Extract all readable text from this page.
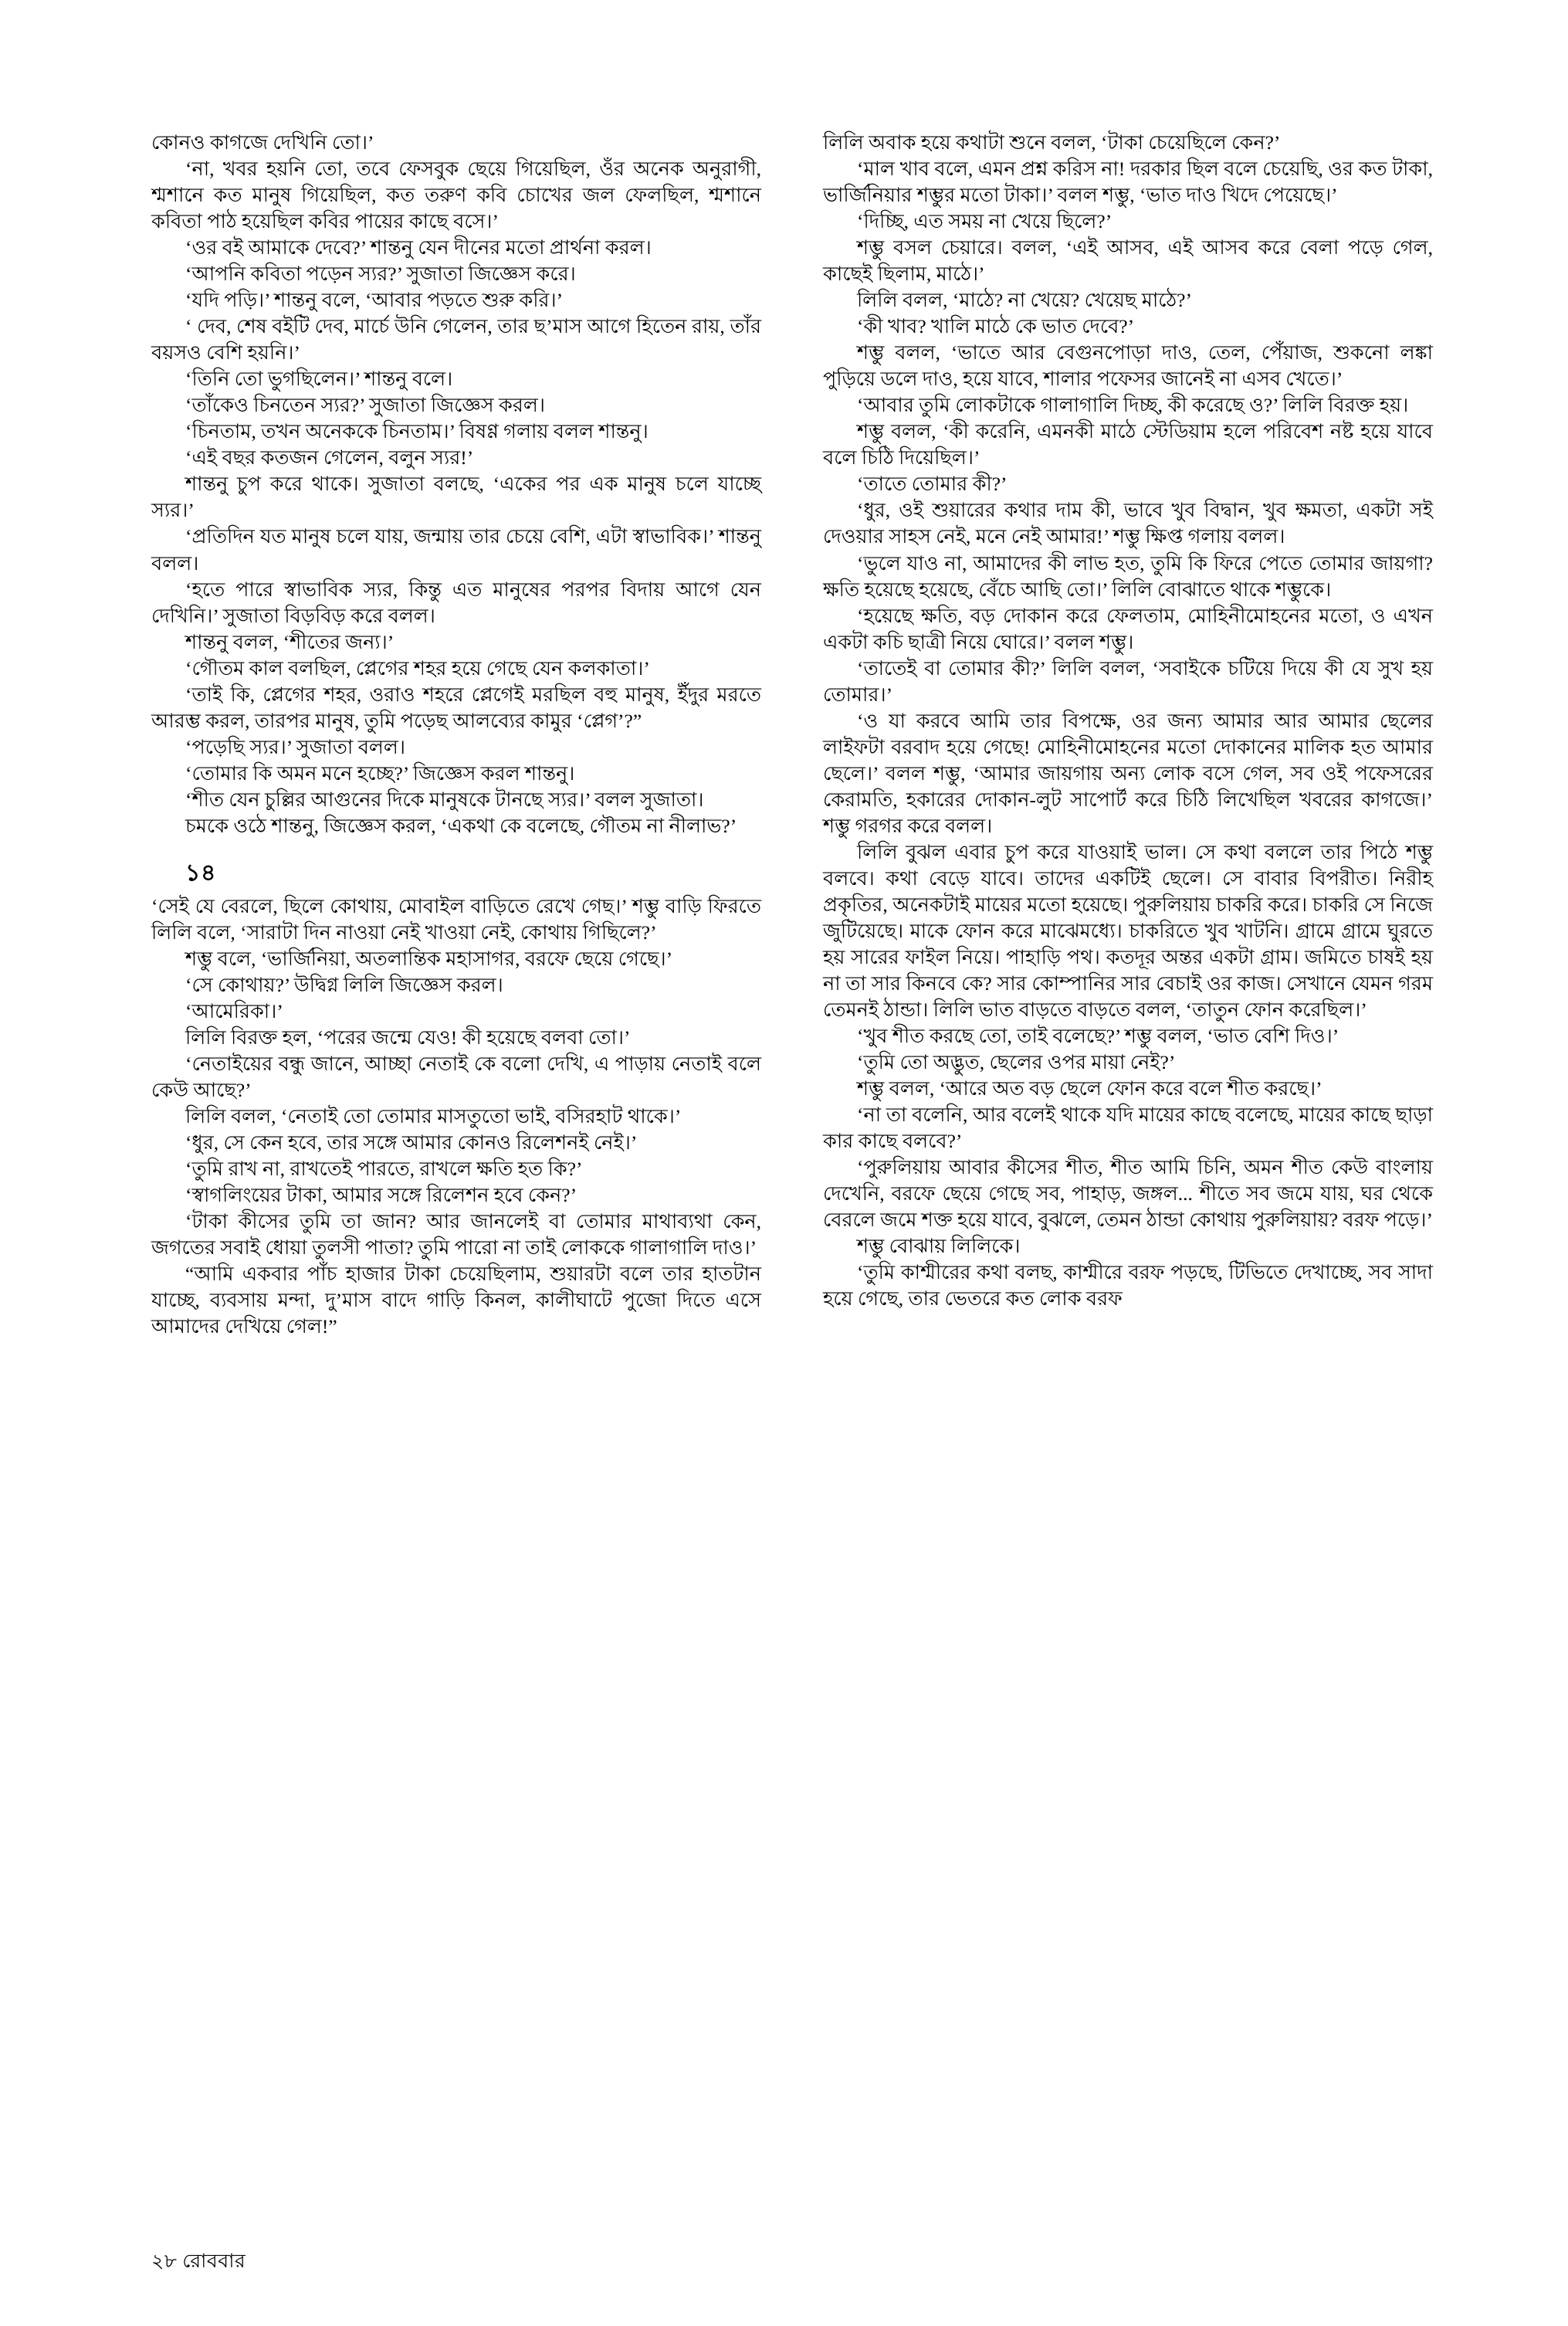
কোনও কাগজে দেখিনি তো।’

‘না, খবর হয়নি তো, তবে ফেসবুক ছেয়ে গিয়েছিল, ওঁর অনেক অনুরাগী, শ্মশানে কত মানুষ গিয়েছিল, কত তরুণ কবি চোখের জল ফেলছিল, শ্মশানে কবিতা পাঠ হয়েছিল কবির পায়ের কাছে বসে।’

‘ওর বই আমাকে দেবে?’ শান্তনু যেন দীনের মতো প্রার্থনা করল।

‘আপনি কবিতা পড়েন স্যর?’ সুজাতা জিজ্ঞেস করে।

‘যদি পড়ি।’ শান্তনু বলে, ‘আবার পড়তে শুরু করি।’

‘ দেব, শেষ বইটি দেব, মার্চে উনি গেলেন, তার ছ’মাস আগে হিতেন রায়, তাঁর বয়সও বেশি হয়নি।’

‘তিনি তো ভুগছিলেন।’ শান্তনু বলে।

‘তাঁকেও চিনতেন স্যর?’ সুজাতা জিজ্ঞেস করল।

‘চিনতাম, তখন অনেককে চিনতাম।’ বিষণ্ণ গলায় বলল শান্তনু।

‘এই বছর কতজন গেলেন, বলুন স্যর!’

শান্তনু চুপ করে থাকে। সুজাতা বলছে, ‘একের পর এক মানুষ চলে যাচ্ছে স্যর।’

‘প্রতিদিন যত মানুষ চলে যায়, জন্মায় তার চেয়ে বেশি, এটা স্বাভাবিক।’ শান্তনু বলল।

‘হতে পারে স্বাভাবিক স্যর, কিন্তু এত মানুষের পরপর বিদায় আগে যেন দেখিনি।’ সুজাতা বিড়বিড় করে বলল।

শান্তনু বলল, ‘শীতের জন্য।’

‘গৌতম কাল বলছিল, প্লেগের শহর হয়ে গেছে যেন কলকাতা।’

‘তাই কি, প্লেগের শহর, ওরাও শহরে প্লেগেই মরছিল বহু মানুষ, ইঁদুর মরতে আরম্ভ করল, তারপর মানুষ, তুমি পড়েছ আলব্যের কামুর ‘প্লেগ’?”

‘পড়েছি স্যর।’ সুজাতা বলল।

‘তোমার কি অমন মনে হচ্ছে?’ জিজ্ঞেস করল শান্তনু।

‘শীত যেন চুল্লির আগুনের দিকে মানুষকে টানছে স্যর।’ বলল সুজাতা।

চমকে ওঠে শান্তনু, জিজ্ঞেস করল, ‘একথা কে বলেছে, গৌতম না নীলাভ?’

১৪

‘সেই যে বেরলে, ছিলে কোথায়, মোবাইল বাড়িতে রেখে গেছ।’ শম্ভু বাড়ি ফিরতে লিলি বলে, ‘সারাটা দিন নাওয়া নেই খাওয়া নেই, কোথায় গিছিলে?’

শম্ভু বলে, ‘ভার্জিনিয়া, অতলান্তিক মহাসাগর, বরফে ছেয়ে গেছে।’

‘সে কোথায়?’ উদ্বিগ্ন লিলি জিজ্ঞেস করল।

‘আমেরিকা।’

লিলি বিরক্ত হল, ‘পরের জন্মে যেও! কী হয়েছে বলবা তো।’

‘নেতাইয়ের বন্ধু জানে, আচ্ছা নেতাই কে বলো দেখি, এ পাড়ায় নেতাই বলে কেউ আছে?’

লিলি বলল, ‘নেতাই তো তোমার মাসতুতো ভাই, বসিরহাট থাকে।’

‘ধুর, সে কেন হবে, তার সঙ্গে আমার কোনও রিলেশনই নেই।’

‘তুমি রাখ না, রাখতেই পারতে, রাখলে ক্ষতি হত কি?’

‘স্বাগলিংয়ের টাকা, আমার সঙ্গে রিলেশন হবে কেন?’

‘টাকা কীসের তুমি তা জান? আর জানলেই বা তোমার মাথাব্যথা কেন, জগতের সবাই ধোয়া তুলসী পাতা? তুমি পারো না তাই লোককে গালাগালি দাও।’

“আমি একবার পাঁচ হাজার টাকা চেয়েছিলাম, শুয়ারটা বলে তার হাতটান যাচ্ছে, ব্যবসায় মন্দা, দু’মাস বাদে গাড়ি কিনল, কালীঘাটে পুজো দিতে এসে আমাদের দেখিয়ে গেল!”

লিলি অবাক হয়ে কথাটা শুনে বলল, ‘টাকা চেয়েছিলে কেন?’

‘মাল খাব বলে, এমন প্রশ্ন করিস না! দরকার ছিল বলে চেয়েছি, ওর কত টাকা, ভার্জিনিয়ার শম্ভুর মতো টাকা।’ বলল শম্ভু, ‘ভাত দাও খিদে পেয়েছে।’

‘দিচ্ছি, এত সময় না খেয়ে ছিলে?’

শম্ভু বসল চেয়ারে। বলল, ‘এই আসব, এই আসব করে বেলা পড়ে গেল, কাছেই ছিলাম, মাঠে।’

লিলি বলল, ‘মাঠে? না খেয়ে? খেয়েছ মাঠে?’

‘কী খাব? খালি মাঠে কে ভাত দেবে?’

শম্ভু বলল, ‘ভাতে আর বেগুনপোড়া দাও, তেল, পেঁয়াজ, শুকনো লঙ্কা পুড়িয়ে ডলে দাও, হয়ে যাবে, শালার পফেসর জানেই না এসব খেতে।’

‘আবার তুমি লোকটাকে গালাগালি দিচ্ছ, কী করেছে ও?’ লিলি বিরক্ত হয়।

শম্ভু বলল, ‘কী করেনি, এমনকী মাঠে স্টেডিয়াম হলে পরিবেশ নষ্ট হয়ে যাবে বলে চিঠি দিয়েছিল।’

‘তাতে তোমার কী?’

‘ধুর, ওই শুয়ারের কথার দাম কী, ভাবে খুব বিদ্বান, খুব ক্ষমতা, একটা সই দেওয়ার সাহস নেই, মনে নেই আমার!’ শম্ভু ক্ষিপ্ত গলায় বলল।

‘ভুলে যাও না, আমাদের কী লাভ হত, তুমি কি ফিরে পেতে তোমার জায়গা? ক্ষতি হয়েছে হয়েছে, বেঁচে আছি তো।’ লিলি বোঝাতে থাকে শম্ভুকে।

‘হয়েছে ক্ষতি, বড় দোকান করে ফেলতাম, মোহিনীমোহনের মতো, ও এখন একটা কচি ছাত্রী নিয়ে ঘোরে।’ বলল শম্ভু।

‘তাতেই বা তোমার কী?’ লিলি বলল, ‘সবাইকে চটিয়ে দিয়ে কী যে সুখ হয় তোমার।’

‘ও যা করবে আমি তার বিপক্ষে, ওর জন্য আমার আর আমার ছেলের লাইফটা বরবাদ হয়ে গেছে! মোহিনীমোহনের মতো দোকানের মালিক হত আমার ছেলে।’ বলল শম্ভু, ‘আমার জায়গায় অন্য লোক বসে গেল, সব ওই পফেসরের কেরামতি, হকারের দোকান-লুট সাপোর্ট করে চিঠি লিখেছিল খবরের কাগজে।’ শম্ভু গরগর করে বলল।

লিলি বুঝল এবার চুপ করে যাওয়াই ভাল। সে কথা বললে তার পিঠে শম্ভু বলবে। কথা বেড়ে যাবে। তাদের একটিই ছেলে। সে বাবার বিপরীত। নিরীহ প্রকৃতির, অনেকটাই মায়ের মতো হয়েছে। পুরুলিয়ায় চাকরি করে। চাকরি সে নিজে জুটিয়েছে। মাকে ফোন করে মাঝেমধ্যে। চাকরিতে খুব খাটনি। গ্রামে গ্রামে ঘুরতে হয় সারের ফাইল নিয়ে। পাহাড়ি পথ। কতদূর অন্তর একটা গ্রাম। জমিতে চাষই হয় না তা সার কিনবে কে? সার কোম্পানির সার বেচাই ওর কাজ। সেখানে যেমন গরম তেমনই ঠান্ডা। লিলি ভাত বাড়তে বাড়তে বলল, ‘তাতুন ফোন করেছিল।’

‘খুব শীত করছে তো, তাই বলেছে?’ শম্ভু বলল, ‘ভাত বেশি দিও।’

‘তুমি তো অদ্ভুত, ছেলের ওপর মায়া নেই?’

শম্ভু বলল, ‘আরে অত বড় ছেলে ফোন করে বলে শীত করছে।’

‘না তা বলেনি, আর বলেই থাকে যদি মায়ের কাছে বলেছে, মায়ের কাছে ছাড়া কার কাছে বলবে?’

‘পুরুলিয়ায় আবার কীসের শীত, শীত আমি চিনি, অমন শীত কেউ বাংলায় দেখেনি, বরফে ছেয়ে গেছে সব, পাহাড়, জঙ্গল... শীতে সব জমে যায়, ঘর থেকে বেরলে জমে শক্ত হয়ে যাবে, বুঝলে, তেমন ঠান্ডা কোথায় পুরুলিয়ায়? বরফ পড়ে।’

শম্ভু বোঝায় লিলিকে।

‘তুমি কাশ্মীরের কথা বলছ, কাশ্মীরে বরফ পড়ছে, টিভিতে দেখাচ্ছে, সব সাদা হয়ে গেছে, তার ভেতরে কত লোক বরফ

২৮ রোববার
